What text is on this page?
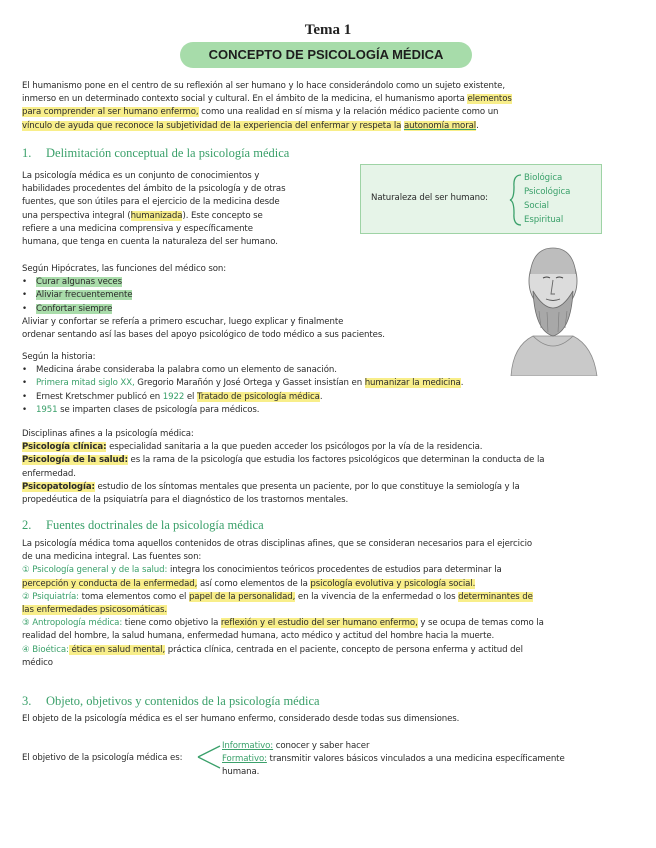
Tema 1
CONCEPTO DE PSICOLOGÍA MÉDICA
El humanismo pone en el centro de su reflexión al ser humano y lo hace considerándolo como un sujeto existente,
inmerso en un determinado contexto social y cultural. En el ámbito de la medicina, el humanismo aporta elementos
para comprender al ser humano enfermo, como una realidad en sí misma y la relación médico paciente como un
vínculo de ayuda que reconoce la subjetividad de la experiencia del enfermar y respeta la autonomía moral.
1. Delimitación conceptual de la psicología médica
La psicología médica es un conjunto de conocimientos y
habilidades procedentes del ámbito de la psicología y de otras
fuentes, que son útiles para el ejercicio de la medicina desde
una perspectiva integral (humanizada). Este concepto se
refiere a una medicina comprensiva y específicamente
humana, que tenga en cuenta la naturaleza del ser humano.
Naturaleza del ser humano:
Biológica
Psicológica
Social
Espiritual
Según Hipócrates, las funciones del médico son:
• Curar algunas veces
• Aliviar frecuentemente
• Confortar siempre
Aliviar y confortar se refería a primero escuchar, luego explicar y finalmente
ordenar sentando así las bases del apoyo psicológico de todo médico a sus pacientes.
Según la historia:
• Medicina árabe consideraba la palabra como un elemento de sanación.
• Primera mitad siglo XX, Gregorio Marañón y José Ortega y Gasset insistían en humanizar la medicina.
• Ernest Kretschmer publicó en 1922 el Tratado de psicología médica.
• 1951 se imparten clases de psicología para médicos.
Disciplinas afines a la psicología médica:
Psicología clínica: especialidad sanitaria a la que pueden acceder los psicólogos por la vía de la residencia.
Psicología de la salud: es la rama de la psicología que estudia los factores psicológicos que determinan la conducta de la
enfermedad.
Psicopatología: estudio de los síntomas mentales que presenta un paciente, por lo que constituye la semiología y la
propedéutica de la psiquiatría para el diagnóstico de los trastornos mentales.
2. Fuentes doctrinales de la psicología médica
La psicología médica toma aquellos contenidos de otras disciplinas afines, que se consideran necesarios para el ejercicio
de una medicina integral. Las fuentes son:
① Psicología general y de la salud: integra los conocimientos teóricos procedentes de estudios para determinar la
percepción y conducta de la enfermedad, así como elementos de la psicología evolutiva y psicología social.
② Psiquiatría: toma elementos como el papel de la personalidad, en la vivencia de la enfermedad o los determinantes de
las enfermedades psicosomáticas.
③ Antropología médica: tiene como objetivo la reflexión y el estudio del ser humano enfermo, y se ocupa de temas como la
realidad del hombre, la salud humana, enfermedad humana, acto médico y actitud del hombre hacia la muerte.
④ Bioética: ética en salud mental, práctica clínica, centrada en el paciente, concepto de persona enferma y actitud del
médico
3. Objeto, objetivos y contenidos de la psicología médica
El objeto de la psicología médica es el ser humano enfermo, considerado desde todas sus dimensiones.
El objetivo de la psicología médica es:
Informativo: conocer y saber hacer
Formativo: transmitir valores básicos vinculados a una medicina específicamente
humana.
